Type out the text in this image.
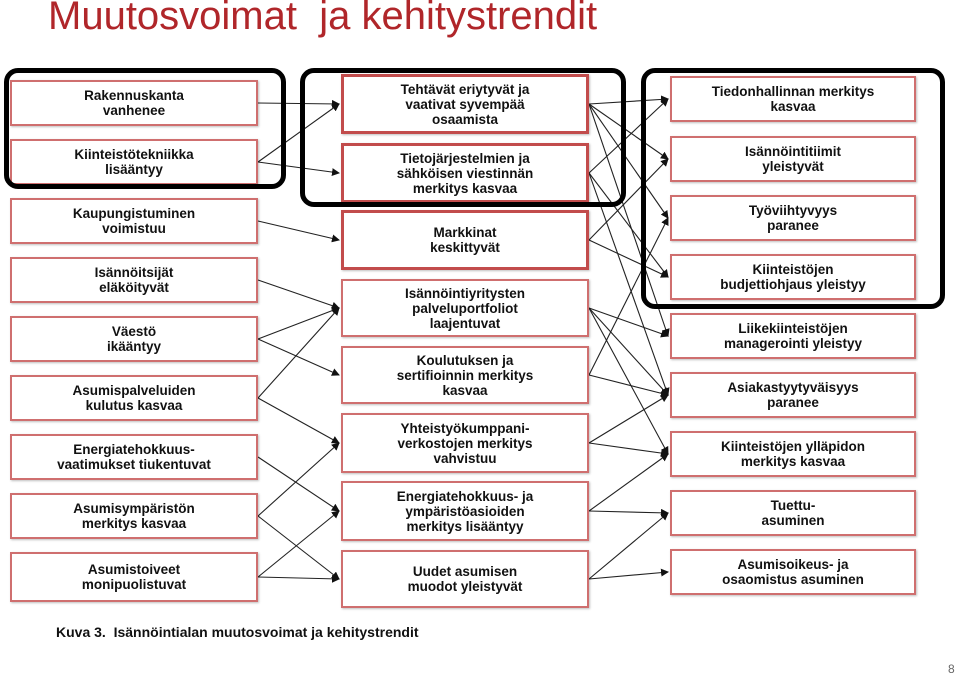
Muutosvoimat  ja kehitystrendit
Rakennuskanta
vanhenee
Kiinteistötekniikka
lisääntyy
Kaupungistuminen
voimistuu
Isännöitsijät
eläköityvät
Väestö
ikääntyy
Asumispalveluiden
kulutus kasvaa
Energiatehokkuus-
vaatimukset tiukentuvat
Asumisympäristön
merkitys kasvaa
Asumistoiveet
monipuolistuvat
Tehtävät eriytyvät ja
vaativat syvempää
osaamista
Tietojärjestelmien ja
sähköisen viestinnän
merkitys kasvaa
Markkinat
keskittyvät
Isännöintiyritysten
palveluportfoliot
laajentuvat
Koulutuksen ja
sertifioinnin merkitys
kasvaa
Yhteistyökumppani-
verkostojen merkitys
vahvistuu
Energiatehokkuus- ja
ympäristöasioiden
merkitys lisääntyy
Uudet asumisen
muodot yleistyvät
Tiedonhallinnan merkitys
kasvaa
Isännöintitiimit
yleistyvät
Työviihtyvyys
paranee
Kiinteistöjen
budjettiohjaus yleistyy
Liikekiinteistöjen
managerointi yleistyy
Asiakastyytyväisyys
paranee
Kiinteistöjen ylläpidon
merkitys kasvaa
Tuettu-
asuminen
Asumisoikeus- ja
osaomistus asuminen
Kuva 3.  Isännöintialan muutosvoimat ja kehitystrendit
8
